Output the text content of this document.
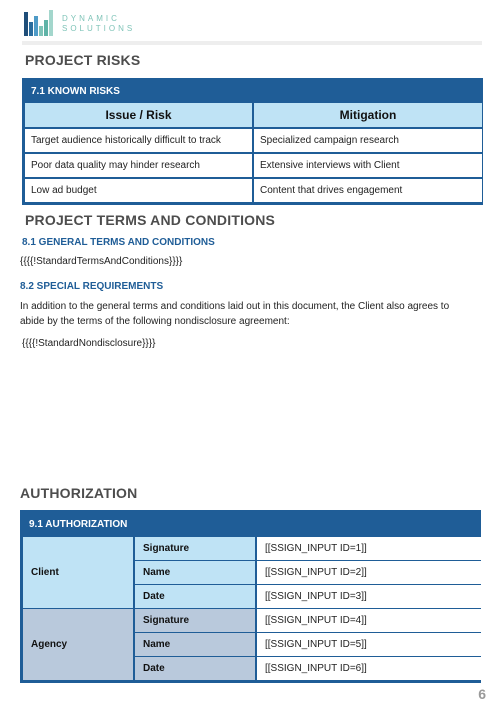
DYNAMIC
SOLUTIONS
PROJECT RISKS
7.1 KNOWN RISKS
Issue / Risk	Mitigation
Target audience historically difficult to track	Specialized campaign research
Poor data quality may hinder research	Extensive interviews with Client
Low ad budget	Content that drives engagement
PROJECT TERMS AND CONDITIONS
8.1 GENERAL TERMS AND CONDITIONS
{{{{!StandardTermsAndConditions}}}}
8.2 SPECIAL REQUIREMENTS
In addition to the general terms and conditions laid out in this document, the Client also agrees to
abide by the terms of the following nondisclosure agreement:
{{{{!StandardNondisclosure}}}}
AUTHORIZATION
9.1 AUTHORIZATION
Client
Signature	[[SSIGN_INPUT ID=1]]
Name	[[SSIGN_INPUT ID=2]]
Date	[[SSIGN_INPUT ID=3]]
Agency
Signature	[[SSIGN_INPUT ID=4]]
Name	[[SSIGN_INPUT ID=5]]
Date	[[SSIGN_INPUT ID=6]]
6
